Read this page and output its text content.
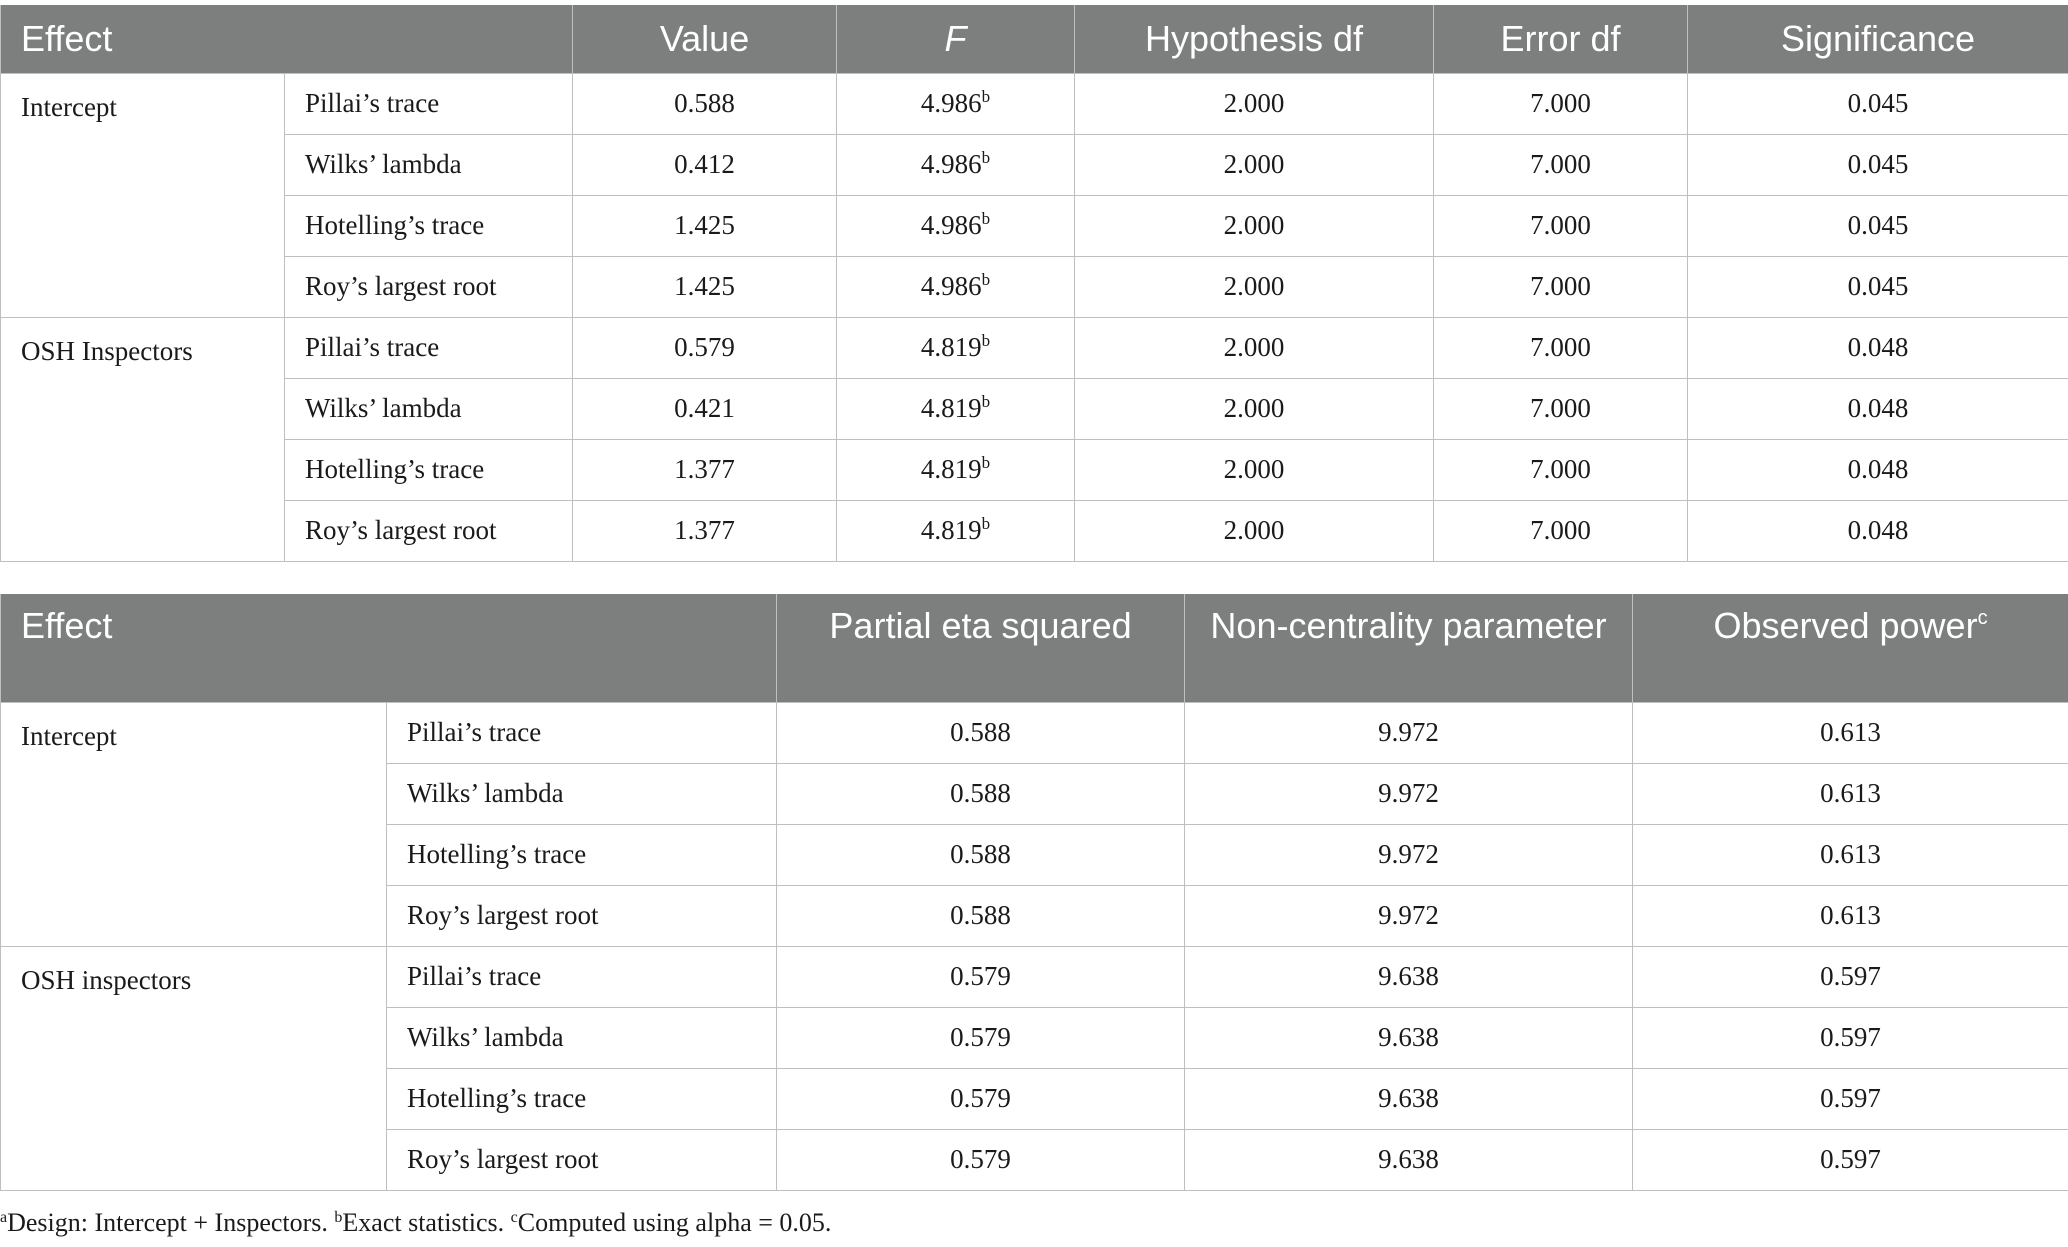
Effect		Value	F	Hypothesis df	Error df	Significance
Intercept	Pillai’s trace	0.588	4.986$^b$	2.000	7.000	0.045
	Wilks’ lambda	0.412	4.986$^b$	2.000	7.000	0.045
	Hotelling’s trace	1.425	4.986$^b$	2.000	7.000	0.045
	Roy’s largest root	1.425	4.986$^b$	2.000	7.000	0.045
OSH Inspectors	Pillai’s trace	0.579	4.819$^b$	2.000	7.000	0.048
	Wilks’ lambda	0.421	4.819$^b$	2.000	7.000	0.048
	Hotelling’s trace	1.377	4.819$^b$	2.000	7.000	0.048
	Roy’s largest root	1.377	4.819$^b$	2.000	7.000	0.048
Effect		Partial eta squared	Non-centrality parameter	Observed power$^c$
Intercept	Pillai’s trace	0.588	9.972	0.613
	Wilks’ lambda	0.588	9.972	0.613
	Hotelling’s trace	0.588	9.972	0.613
	Roy’s largest root	0.588	9.972	0.613
OSH inspectors	Pillai’s trace	0.579	9.638	0.597
	Wilks’ lambda	0.579	9.638	0.597
	Hotelling’s trace	0.579	9.638	0.597
	Roy’s largest root	0.579	9.638	0.597
$^a$Design: Intercept + Inspectors. $^b$Exact statistics. $^c$Computed using alpha = 0.05.
